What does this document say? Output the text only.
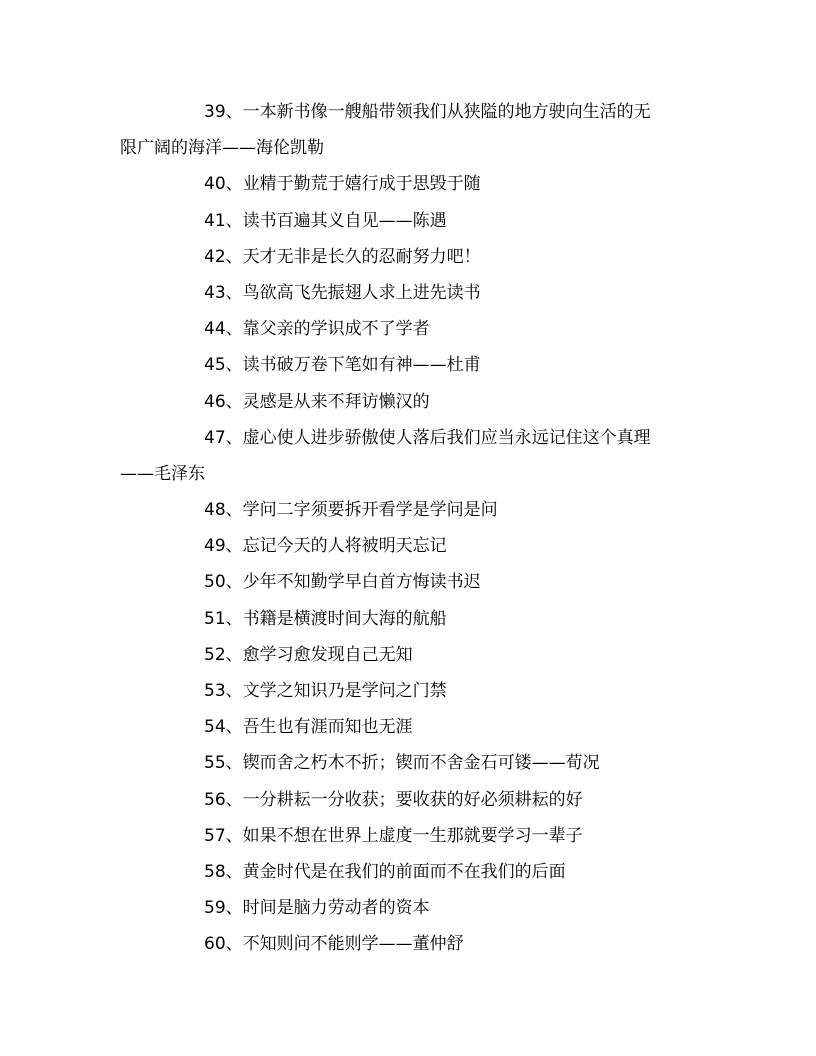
39、一本新书像一艘船带领我们从狭隘的地方驶向生活的无
限广阔的海洋——海伦凯勒
40、业精于勤荒于嬉行成于思毁于随
41、读书百遍其义自见——陈遇
42、天才无非是长久的忍耐努力吧！
43、鸟欲高飞先振翅人求上进先读书
44、靠父亲的学识成不了学者
45、读书破万卷下笔如有神——杜甫
46、灵感是从来不拜访懒汉的
47、虚心使人进步骄傲使人落后我们应当永远记住这个真理
——毛泽东
48、学问二字须要拆开看学是学问是问
49、忘记今天的人将被明天忘记
50、少年不知勤学早白首方悔读书迟
51、书籍是横渡时间大海的航船
52、愈学习愈发现自己无知
53、文学之知识乃是学问之门禁
54、吾生也有涯而知也无涯
55、锲而舍之朽木不折；锲而不舍金石可镂——荀况
56、一分耕耘一分收获；要收获的好必须耕耘的好
57、如果不想在世界上虚度一生那就要学习一辈子
58、黄金时代是在我们的前面而不在我们的后面
59、时间是脑力劳动者的资本
60、不知则问不能则学——董仲舒
